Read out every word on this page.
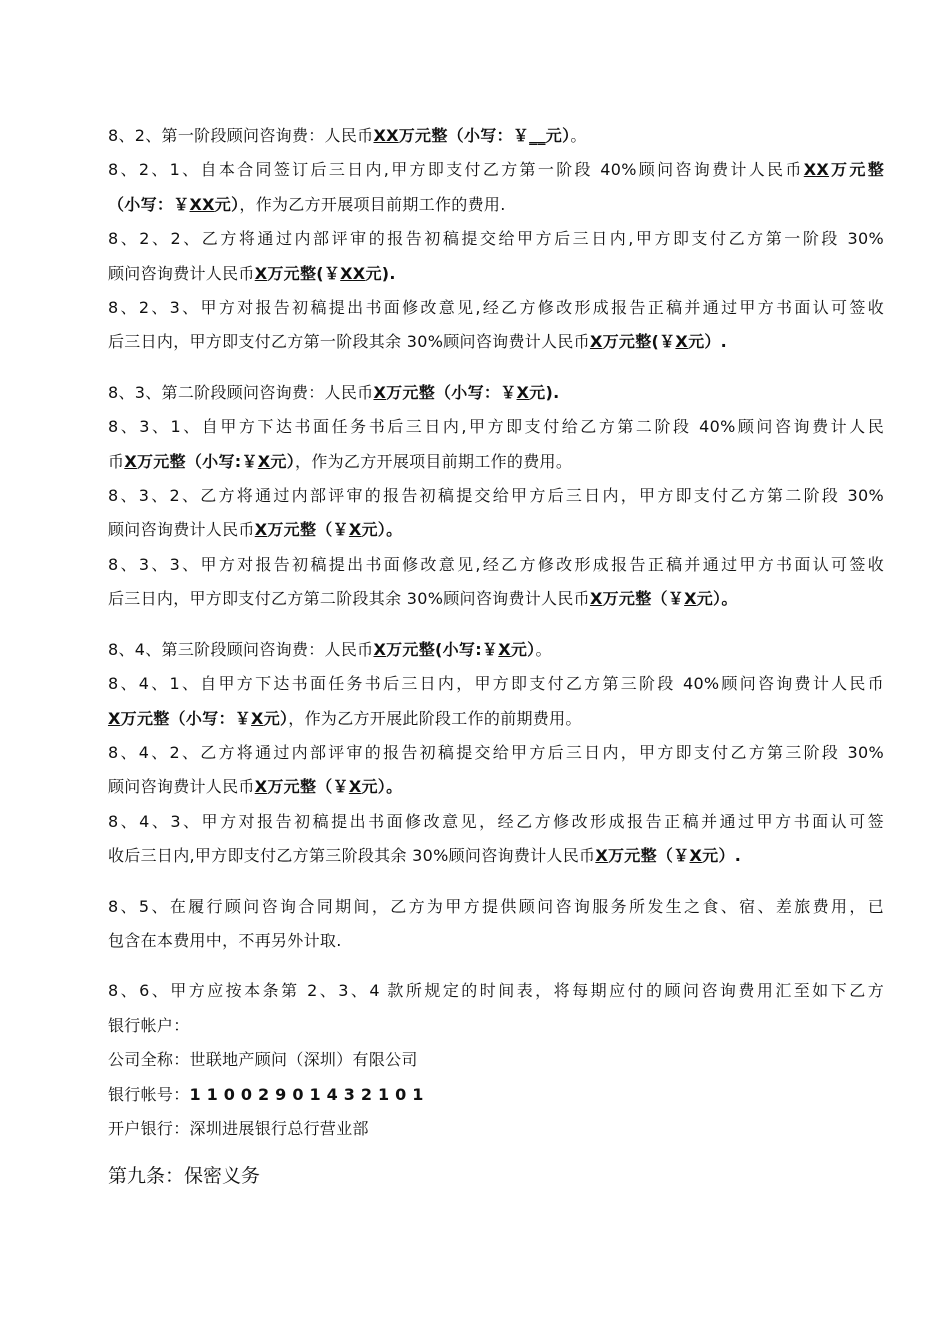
8、2、第一阶段顾问咨询费：人民币XX万元整（小写：￥__元）。
8、2、1、自本合同签订后三日内,甲方即支付乙方第一阶段 40%顾问咨询费计人民币XX万元整
（小写：￥XX元），作为乙方开展项目前期工作的费用.
8、2、2、乙方将通过内部评审的报告初稿提交给甲方后三日内,甲方即支付乙方第一阶段 30%
顾问咨询费计人民币X万元整(￥XX元).
8、2、3、甲方对报告初稿提出书面修改意见,经乙方修改形成报告正稿并通过甲方书面认可签收
后三日内，甲方即支付乙方第一阶段其余 30%顾问咨询费计人民币X万元整(￥X元）.
8、3、第二阶段顾问咨询费：人民币X万元整（小写：￥X元).
8、3、1、自甲方下达书面任务书后三日内,甲方即支付给乙方第二阶段 40%顾问咨询费计人民
币X万元整（小写:￥X元），作为乙方开展项目前期工作的费用。
8、3、2、乙方将通过内部评审的报告初稿提交给甲方后三日内，甲方即支付乙方第二阶段 30%
顾问咨询费计人民币X万元整（￥X元）。
8、3、3、甲方对报告初稿提出书面修改意见,经乙方修改形成报告正稿并通过甲方书面认可签收
后三日内，甲方即支付乙方第二阶段其余 30%顾问咨询费计人民币X万元整（￥X元）。
8、4、第三阶段顾问咨询费：人民币X万元整(小写:￥X元）。
8、4、1、自甲方下达书面任务书后三日内，甲方即支付乙方第三阶段 40%顾问咨询费计人民币
X万元整（小写：￥X元），作为乙方开展此阶段工作的前期费用。
8、4、2、乙方将通过内部评审的报告初稿提交给甲方后三日内，甲方即支付乙方第三阶段 30%
顾问咨询费计人民币X万元整（￥X元）。
8、4、3、甲方对报告初稿提出书面修改意见，经乙方修改形成报告正稿并通过甲方书面认可签
收后三日内,甲方即支付乙方第三阶段其余 30%顾问咨询费计人民币X万元整（￥X元）.
8、5、在履行顾问咨询合同期间，乙方为甲方提供顾问咨询服务所发生之食、宿、差旅费用，已
包含在本费用中，不再另外计取.
8、6、甲方应按本条第 2、3、4 款所规定的时间表，将每期应付的顾问咨询费用汇至如下乙方
银行帐户：
公司全称：世联地产顾问（深圳）有限公司
银行帐号：11002901432101
开户银行：深圳进展银行总行营业部
第九条：保密义务
